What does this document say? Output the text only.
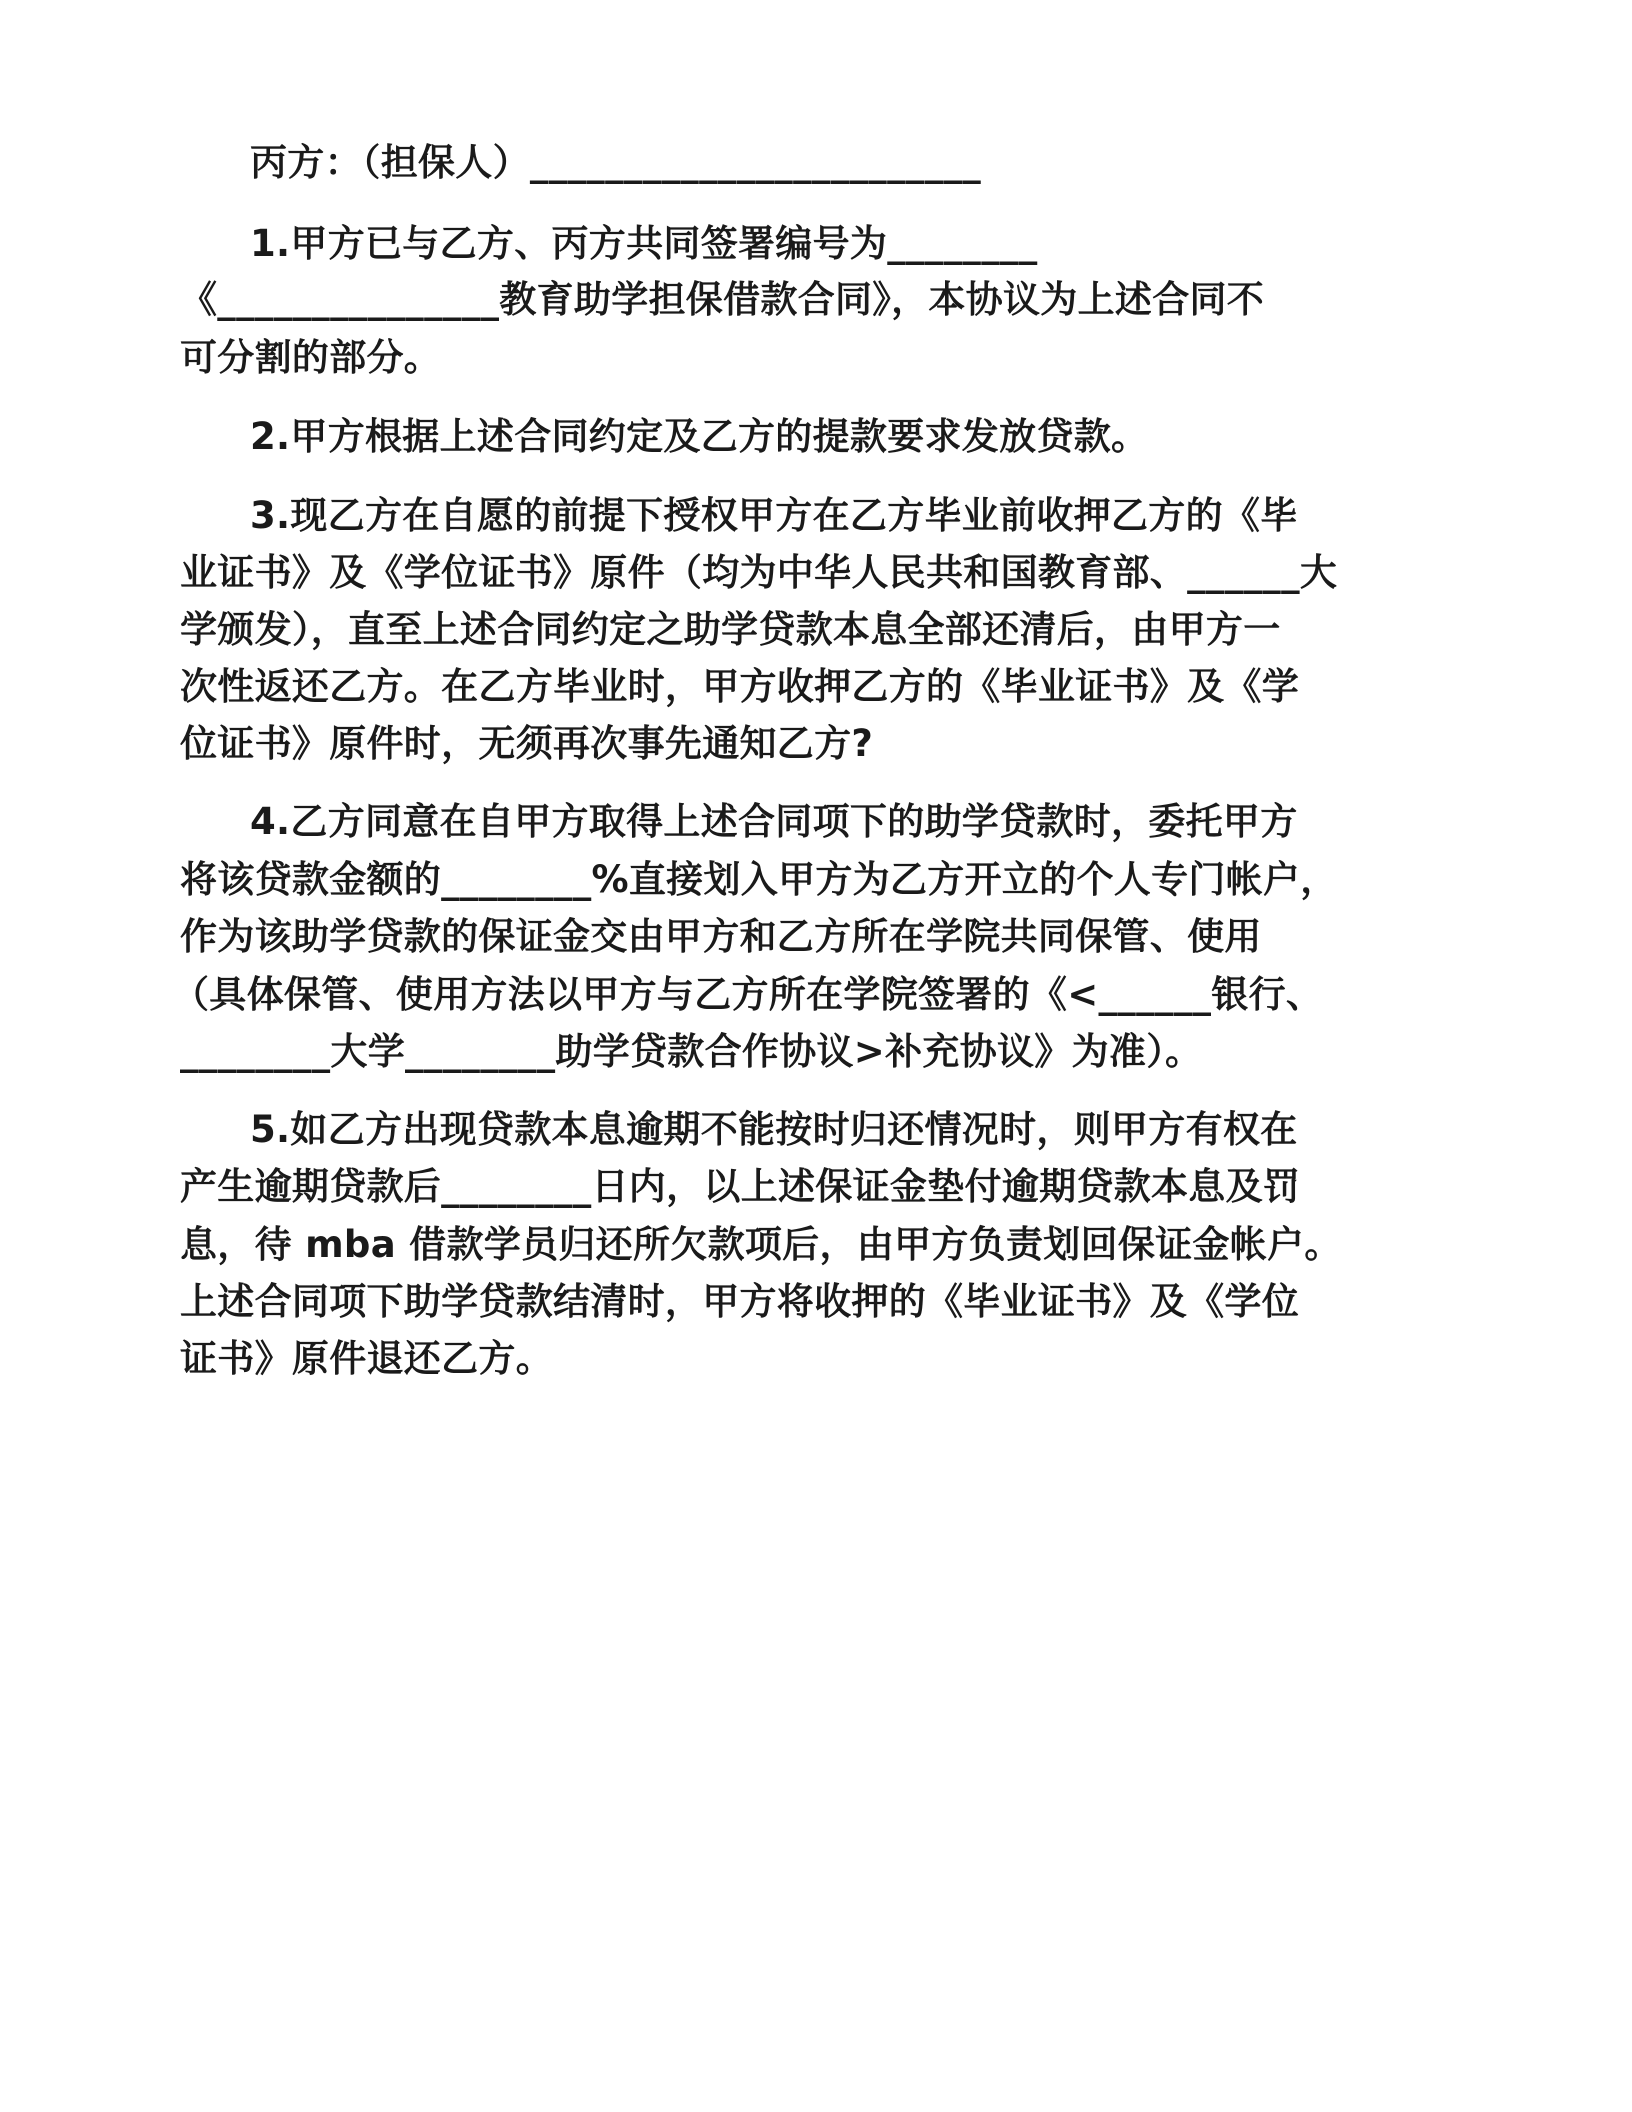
丙方：（担保人）________________________

1.甲方已与乙方、丙方共同签署编号为________

《_______________教育助学担保借款合同》，本协议为上述合同不

可分割的部分。

2.甲方根据上述合同约定及乙方的提款要求发放贷款。

3.现乙方在自愿的前提下授权甲方在乙方毕业前收押乙方的《毕

业证书》及《学位证书》原件（均为中华人民共和国教育部、______大

学颁发），直至上述合同约定之助学贷款本息全部还清后，由甲方一

次性返还乙方。在乙方毕业时，甲方收押乙方的《毕业证书》及《学

位证书》原件时，无须再次事先通知乙方?

4.乙方同意在自甲方取得上述合同项下的助学贷款时，委托甲方

将该贷款金额的________%直接划入甲方为乙方开立的个人专门帐户，

作为该助学贷款的保证金交由甲方和乙方所在学院共同保管、使用

（具体保管、使用方法以甲方与乙方所在学院签署的《<______银行、

________大学________助学贷款合作协议>补充协议》为准）。

5.如乙方出现贷款本息逾期不能按时归还情况时，则甲方有权在

产生逾期贷款后________日内，以上述保证金垫付逾期贷款本息及罚

息，待 mba 借款学员归还所欠款项后，由甲方负责划回保证金帐户。

上述合同项下助学贷款结清时，甲方将收押的《毕业证书》及《学位

证书》原件退还乙方。
